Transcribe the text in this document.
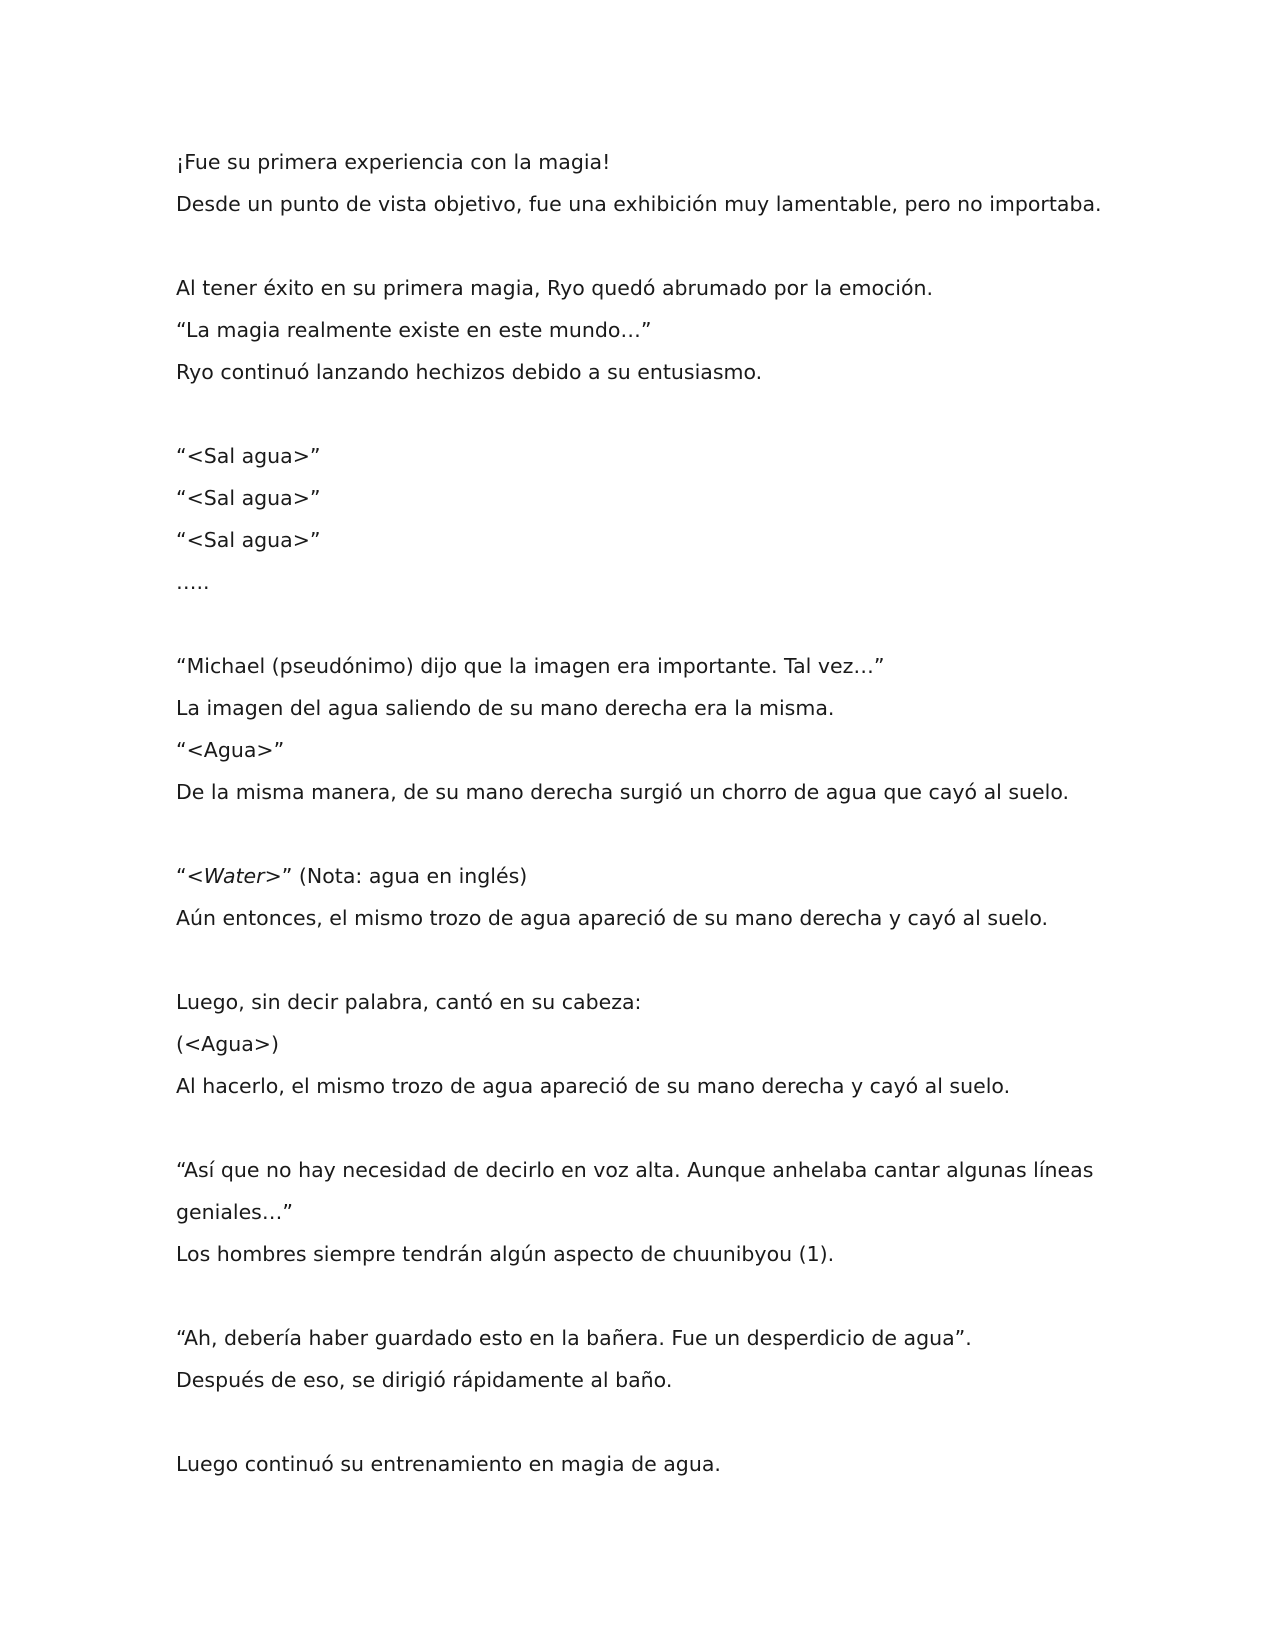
¡Fue su primera experiencia con la magia!

Desde un punto de vista objetivo, fue una exhibición muy lamentable, pero no importaba.

Al tener éxito en su primera magia, Ryo quedó abrumado por la emoción.

“La magia realmente existe en este mundo…”

Ryo continuó lanzando hechizos debido a su entusiasmo.

“<Sal agua>”

“<Sal agua>”

“<Sal agua>”

…..

“Michael (pseudónimo) dijo que la imagen era importante. Tal vez…”

La imagen del agua saliendo de su mano derecha era la misma.

“<Agua>”

De la misma manera, de su mano derecha surgió un chorro de agua que cayó al suelo.

“<Water>” (Nota: agua en inglés)

Aún entonces, el mismo trozo de agua apareció de su mano derecha y cayó al suelo.

Luego, sin decir palabra, cantó en su cabeza:

(<Agua>)

Al hacerlo, el mismo trozo de agua apareció de su mano derecha y cayó al suelo.

“Así que no hay necesidad de decirlo en voz alta. Aunque anhelaba cantar algunas líneas

geniales…”

Los hombres siempre tendrán algún aspecto de chuunibyou (1).

“Ah, debería haber guardado esto en la bañera. Fue un desperdicio de agua”.

Después de eso, se dirigió rápidamente al baño.

Luego continuó su entrenamiento en magia de agua.
